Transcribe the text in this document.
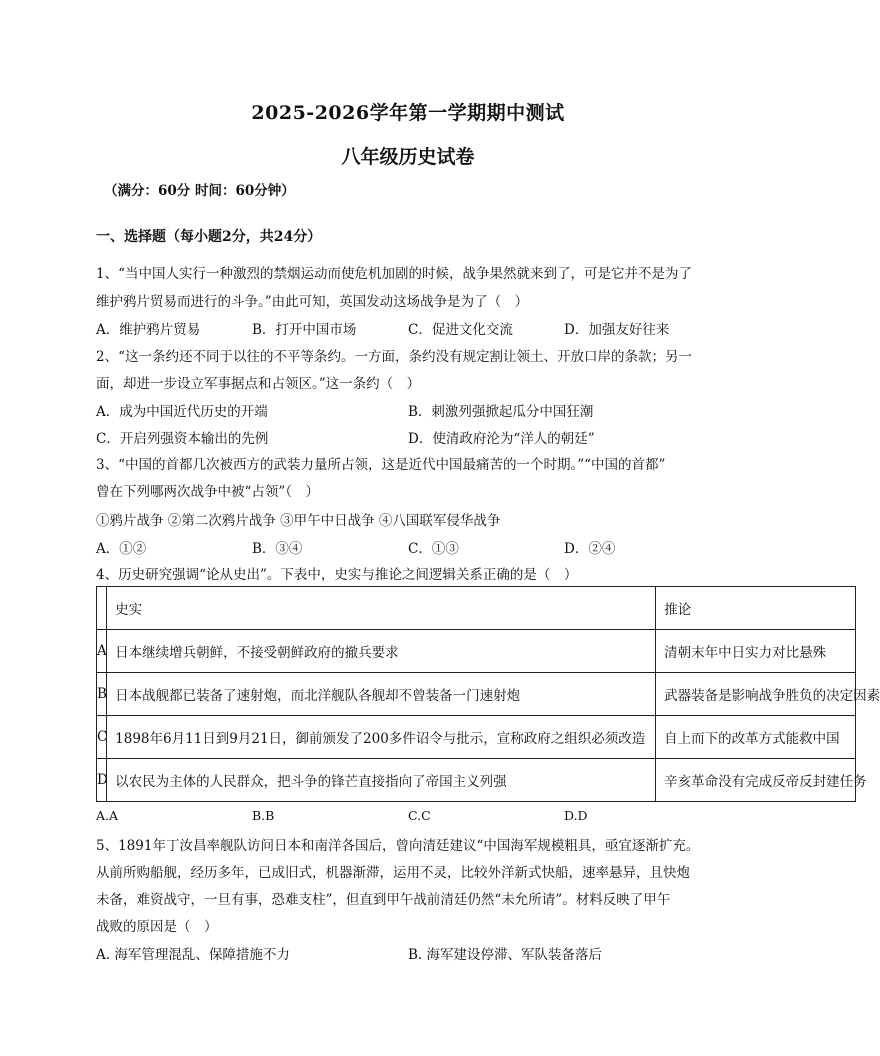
2025-2026学年第一学期期中测试
八年级历史试卷
（满分：60分 时间：60分钟）
一、选择题（每小题2分，共24分）
1、“当中国人实行一种激烈的禁烟运动而使危机加剧的时候，战争果然就来到了，可是它并不是为了
维护鸦片贸易而进行的斗争。”由此可知，英国发动这场战争是为了（　）
A．维护鸦片贸易	B．打开中国市场	C．促进文化交流	D．加强友好往来
2、“这一条约还不同于以往的不平等条约。一方面，条约没有规定割让领土、开放口岸的条款；另一
面，却进一步设立军事据点和占领区。”这一条约（　）
A．成为中国近代历史的开端	B．刺激列强掀起瓜分中国狂潮
C．开启列强资本输出的先例	D．使清政府沦为“洋人的朝廷”
3、“中国的首都几次被西方的武装力量所占领，这是近代中国最痛苦的一个时期。”“中国的首都”
曾在下列哪两次战争中被“占领”（　）
①鸦片战争 ②第二次鸦片战争 ③甲午中日战争 ④八国联军侵华战争
A．①②	B．③④	C．①③	D．②④
4、历史研究强调“论从史出”。下表中，史实与推论之间逻辑关系正确的是（　）
	史实	推论
A	日本继续增兵朝鲜，不接受朝鲜政府的撤兵要求	清朝末年中日实力对比悬殊
B	日本战舰都已装备了速射炮，而北洋舰队各舰却不曾装备一门速射炮	武器装备是影响战争胜负的决定因素
C	1898年6月11日到9月21日，御前颁发了200多件诏令与批示，宣称政府之组织必须改造	自上而下的改革方式能救中国
D	以农民为主体的人民群众，把斗争的锋芒直接指向了帝国主义列强	辛亥革命没有完成反帝反封建任务
A.A	B.B	C.C	D.D
5、1891年丁汝昌率舰队访问日本和南洋各国后，曾向清廷建议“中国海军规模粗具，亟宜逐渐扩充。
从前所购船舰，经历多年，已成旧式，机器渐滞，运用不灵，比较外洋新式快船，速率悬异，且快炮
未备，难资战守，一旦有事，恐难支柱”，但直到甲午战前清廷仍然“未允所请”。材料反映了甲午
战败的原因是（　）
A. 海军管理混乱、保障措施不力	B. 海军建设停滞、军队装备落后
